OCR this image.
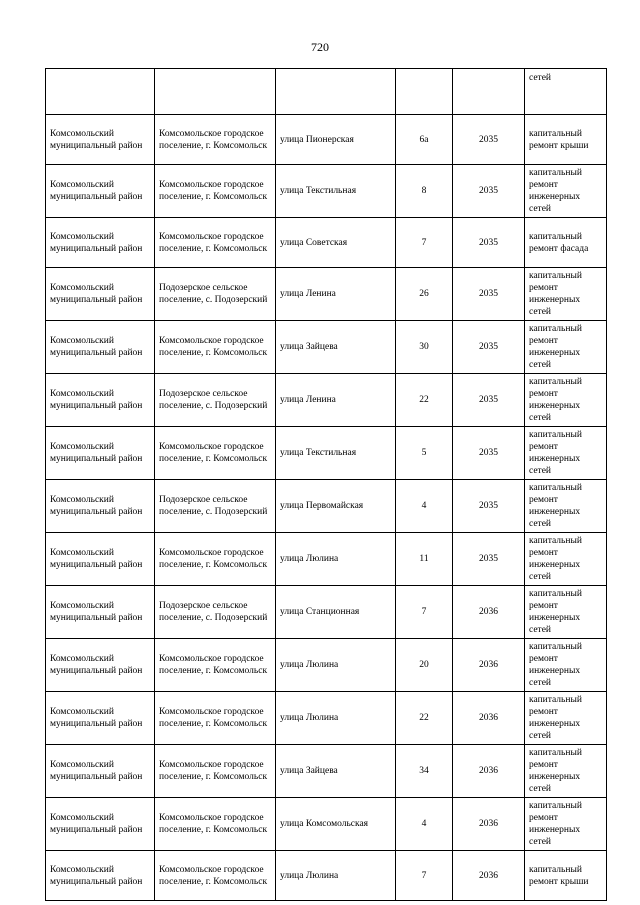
720
					сетей
Комсомольский муниципальный район	Комсомольское городское поселение, г. Комсомольск	улица Пионерская	6а	2035	капитальный ремонт крыши
Комсомольский муниципальный район	Комсомольское городское поселение, г. Комсомольск	улица Текстильная	8	2035	капитальный ремонт инженерных сетей
Комсомольский муниципальный район	Комсомольское городское поселение, г. Комсомольск	улица Советская	7	2035	капитальный ремонт фасада
Комсомольский муниципальный район	Подозерское сельское поселение, с. Подозерский	улица Ленина	26	2035	капитальный ремонт инженерных сетей
Комсомольский муниципальный район	Комсомольское городское поселение, г. Комсомольск	улица Зайцева	30	2035	капитальный ремонт инженерных сетей
Комсомольский муниципальный район	Подозерское сельское поселение, с. Подозерский	улица Ленина	22	2035	капитальный ремонт инженерных сетей
Комсомольский муниципальный район	Комсомольское городское поселение, г. Комсомольск	улица Текстильная	5	2035	капитальный ремонт инженерных сетей
Комсомольский муниципальный район	Подозерское сельское поселение, с. Подозерский	улица Первомайская	4	2035	капитальный ремонт инженерных сетей
Комсомольский муниципальный район	Комсомольское городское поселение, г. Комсомольск	улица Люлина	11	2035	капитальный ремонт инженерных сетей
Комсомольский муниципальный район	Подозерское сельское поселение, с. Подозерский	улица Станционная	7	2036	капитальный ремонт инженерных сетей
Комсомольский муниципальный район	Комсомольское городское поселение, г. Комсомольск	улица Люлина	20	2036	капитальный ремонт инженерных сетей
Комсомольский муниципальный район	Комсомольское городское поселение, г. Комсомольск	улица Люлина	22	2036	капитальный ремонт инженерных сетей
Комсомольский муниципальный район	Комсомольское городское поселение, г. Комсомольск	улица Зайцева	34	2036	капитальный ремонт инженерных сетей
Комсомольский муниципальный район	Комсомольское городское поселение, г. Комсомольск	улица Комсомольская	4	2036	капитальный ремонт инженерных сетей
Комсомольский муниципальный район	Комсомольское городское поселение, г. Комсомольск	улица Люлина	7	2036	капитальный ремонт крыши
